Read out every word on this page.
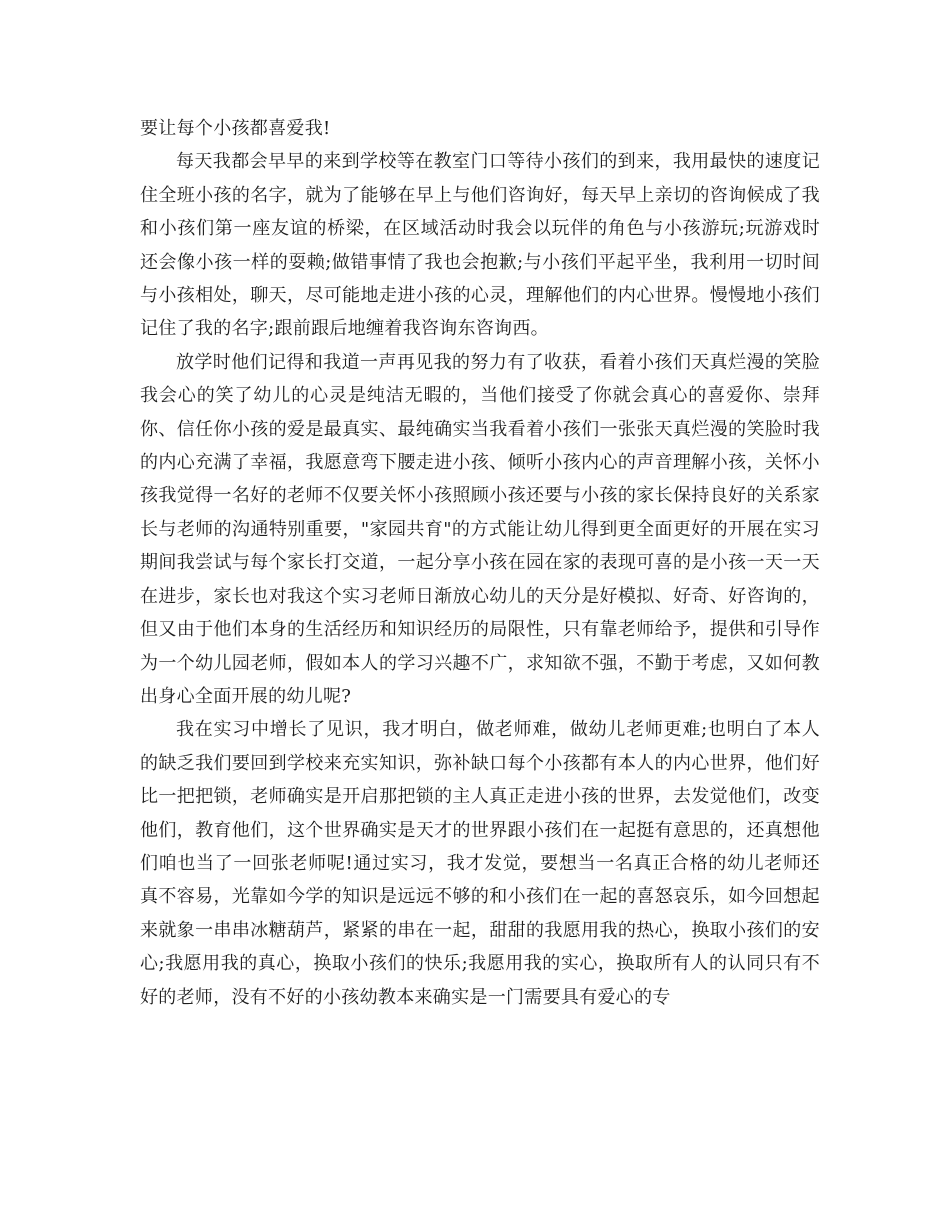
要让每个小孩都喜爱我!

每天我都会早早的来到学校等在教室门口等待小孩们的到来，我用最快的速度记住全班小孩的名字，就为了能够在早上与他们咨询好，每天早上亲切的咨询候成了我和小孩们第一座友谊的桥梁，在区域活动时我会以玩伴的角色与小孩游玩;玩游戏时还会像小孩一样的耍赖;做错事情了我也会抱歉;与小孩们平起平坐，我利用一切时间与小孩相处，聊天，尽可能地走进小孩的心灵，理解他们的内心世界。慢慢地小孩们记住了我的名字;跟前跟后地缠着我咨询东咨询西。

放学时他们记得和我道一声再见我的努力有了收获，看着小孩们天真烂漫的笑脸我会心的笑了幼儿的心灵是纯洁无暇的，当他们接受了你就会真心的喜爱你、崇拜你、信任你小孩的爱是最真实、最纯确实当我看着小孩们一张张天真烂漫的笑脸时我的内心充满了幸福，我愿意弯下腰走进小孩、倾听小孩内心的声音理解小孩，关怀小孩我觉得一名好的老师不仅要关怀小孩照顾小孩还要与小孩的家长保持良好的关系家长与老师的沟通特别重要，"家园共育"的方式能让幼儿得到更全面更好的开展在实习期间我尝试与每个家长打交道，一起分享小孩在园在家的表现可喜的是小孩一天一天在进步，家长也对我这个实习老师日渐放心幼儿的天分是好模拟、好奇、好咨询的，但又由于他们本身的生活经历和知识经历的局限性，只有靠老师给予，提供和引导作为一个幼儿园老师，假如本人的学习兴趣不广，求知欲不强，不勤于考虑，又如何教出身心全面开展的幼儿呢?

我在实习中增长了见识，我才明白，做老师难，做幼儿老师更难;也明白了本人的缺乏我们要回到学校来充实知识，弥补缺口每个小孩都有本人的内心世界，他们好比一把把锁，老师确实是开启那把锁的主人真正走进小孩的世界，去发觉他们，改变他们，教育他们，这个世界确实是天才的世界跟小孩们在一起挺有意思的，还真想他们咱也当了一回张老师呢!通过实习，我才发觉，要想当一名真正合格的幼儿老师还真不容易，光靠如今学的知识是远远不够的和小孩们在一起的喜怒哀乐，如今回想起来就象一串串冰糖葫芦，紧紧的串在一起，甜甜的我愿用我的热心，换取小孩们的安心;我愿用我的真心，换取小孩们的快乐;我愿用我的实心，换取所有人的认同只有不好的老师，没有不好的小孩幼教本来确实是一门需要具有爱心的专
